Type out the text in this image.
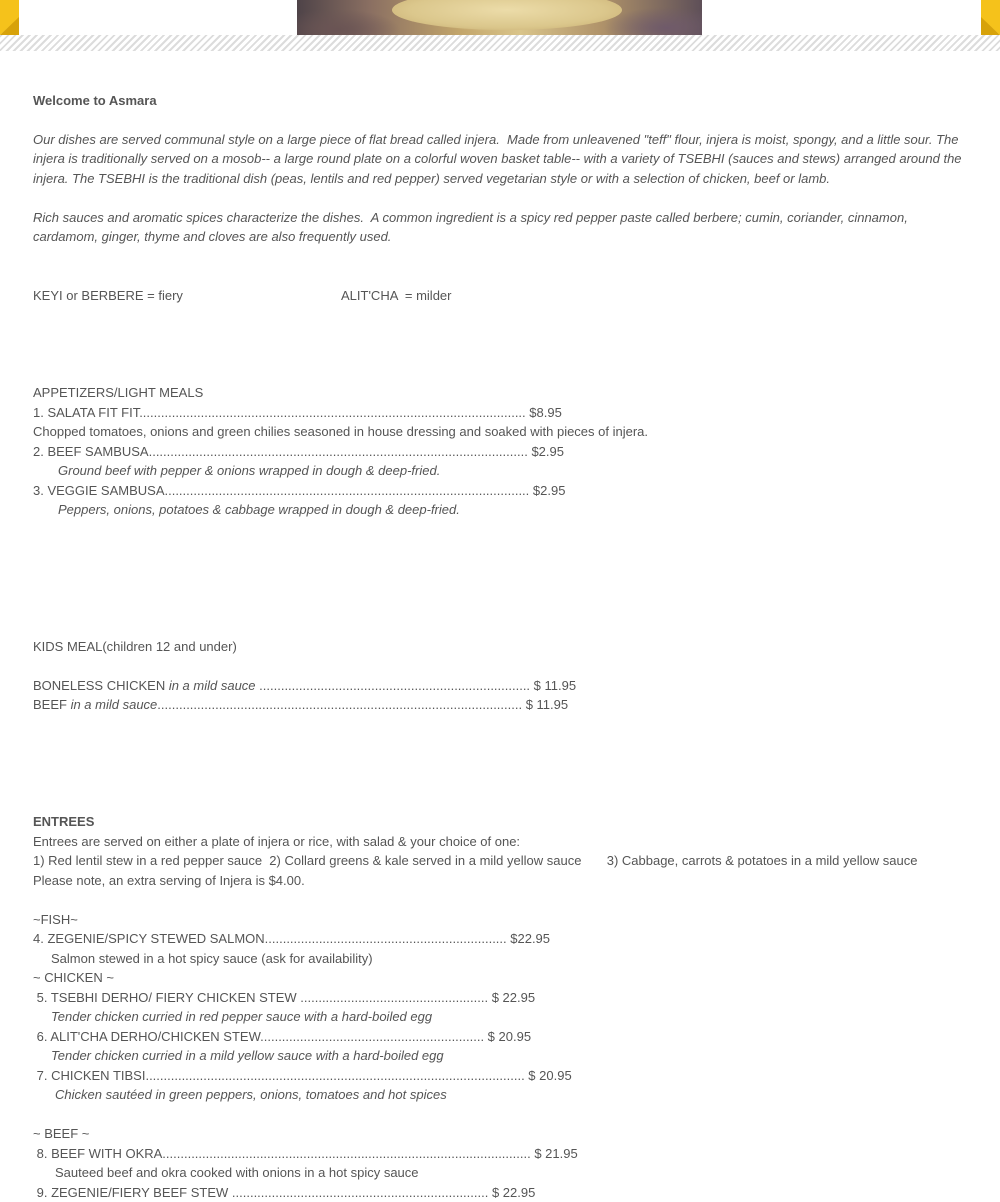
Welcome to Asmara
Our dishes are served communal style on a large piece of flat bread called injera.  Made from unleavened "teff" flour, injera is moist, spongy, and a little sour. The
injera is traditionally served on a mosob-- a large round plate on a colorful woven basket table-- with a variety of TSEBHI (sauces and stews) arranged around the
injera. The TSEBHI is the traditional dish (peas, lentils and red pepper) served vegetarian style or with a selection of chicken, beef or lamb.
Rich sauces and aromatic spices characterize the dishes.  A common ingredient is a spicy red pepper paste called berbere; cumin, coriander, cinnamon,
cardamom, ginger, thyme and cloves are also frequently used.
KEYI or BERBERE = fiery	ALIT'CHA  = milder
APPETIZERS/LIGHT MEALS
1. SALATA FIT FIT........................................................................................................... $8.95
Chopped tomatoes, onions and green chilies seasoned in house dressing and soaked with pieces of injera.
2. BEEF SAMBUSA......................................................................................................... $2.95
Ground beef with pepper & onions wrapped in dough & deep-fried.
3. VEGGIE SAMBUSA..................................................................................................... $2.95
Peppers, onions, potatoes & cabbage wrapped in dough & deep-fried.
KIDS MEAL(children 12 and under)
BONELESS CHICKEN in a mild sauce ........................................................................... $ 11.95
BEEF in a mild sauce..................................................................................................... $ 11.95
ENTREES
Entrees are served on either a plate of injera or rice, with salad & your choice of one:
1) Red lentil stew in a red pepper sauce  2) Collard greens & kale served in a mild yellow sauce       3) Cabbage, carrots & potatoes in a mild yellow sauce
Please note, an extra serving of Injera is $4.00.
~FISH~
4. ZEGENIE/SPICY STEWED SALMON................................................................... $22.95
Salmon stewed in a hot spicy sauce (ask for availability)
~ CHICKEN ~
5. TSEBHI DERHO/ FIERY CHICKEN STEW .................................................... $ 22.95
Tender chicken curried in red pepper sauce with a hard-boiled egg
6. ALIT'CHA DERHO/CHICKEN STEW.............................................................. $ 20.95
Tender chicken curried in a mild yellow sauce with a hard-boiled egg
7. CHICKEN TIBSI......................................................................................................... $ 20.95
Chicken sautéed in green peppers, onions, tomatoes and hot spices
~ BEEF ~
8. BEEF WITH OKRA...................................................................................................... $ 21.95
Sauteed beef and okra cooked with onions in a hot spicy sauce
9. ZEGENIE/FIERY BEEF STEW ....................................................................... $ 22.95
